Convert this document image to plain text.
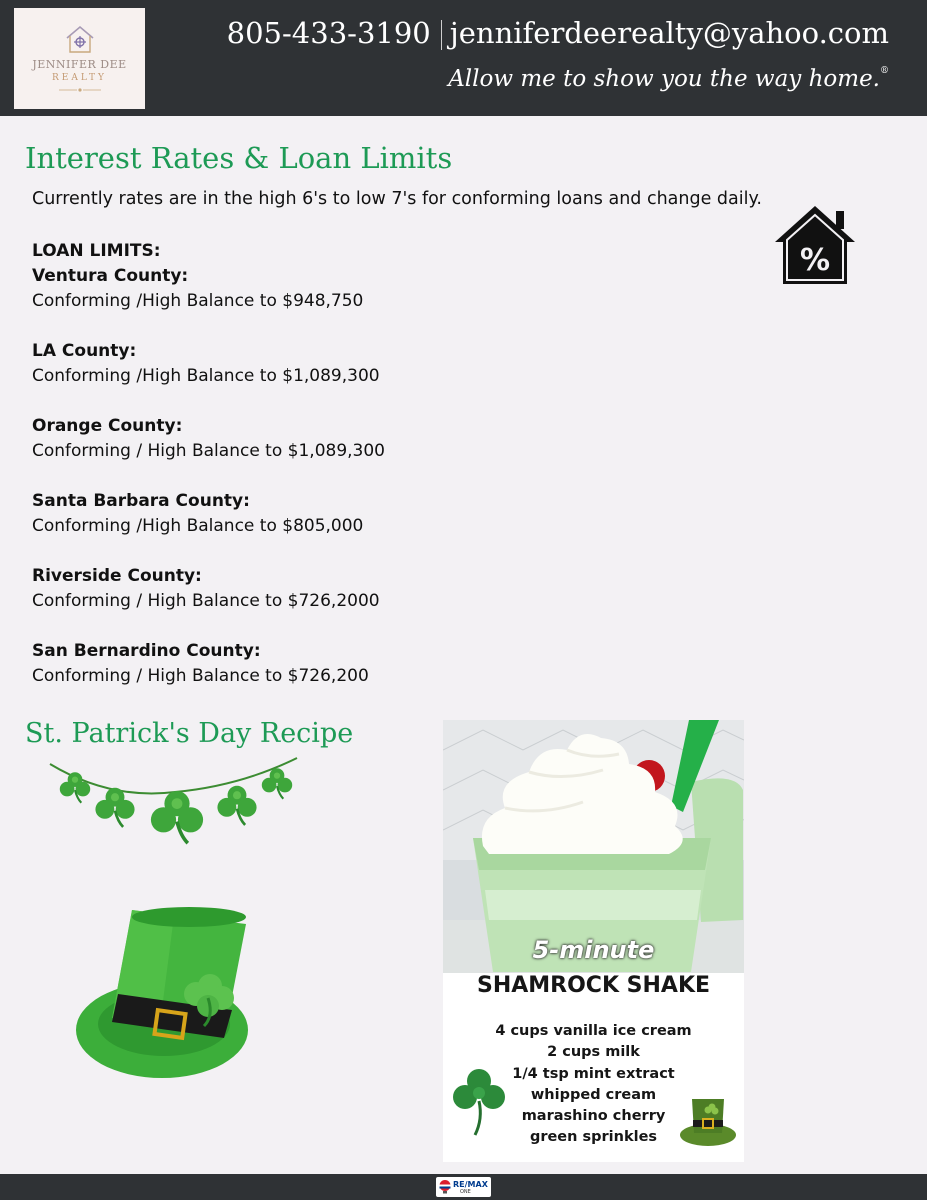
JENNIFER DEE
REALTY
805-433-3190 jenniferdeerealty@yahoo.com
Allow me to show you the way home.®
Interest Rates & Loan Limits
Currently rates are in the high 6's to low 7's for conforming loans and change daily.
%
LOAN LIMITS:
Ventura County:
Conforming /High Balance to $948,750
LA County:
Conforming /High Balance to $1,089,300
Orange County:
Conforming / High Balance to $1,089,300
Santa Barbara County:
Conforming /High Balance to $805,000
Riverside County:
Conforming / High Balance to $726,2000
San Bernardino County:
Conforming / High Balance to $726,200
St. Patrick's Day Recipe
5-minute
SHAMROCK SHAKE
4 cups vanilla ice cream
2 cups milk
1/4 tsp mint extract
whipped cream
marashino cherry
green sprinkles
RE/MAX
ONE
